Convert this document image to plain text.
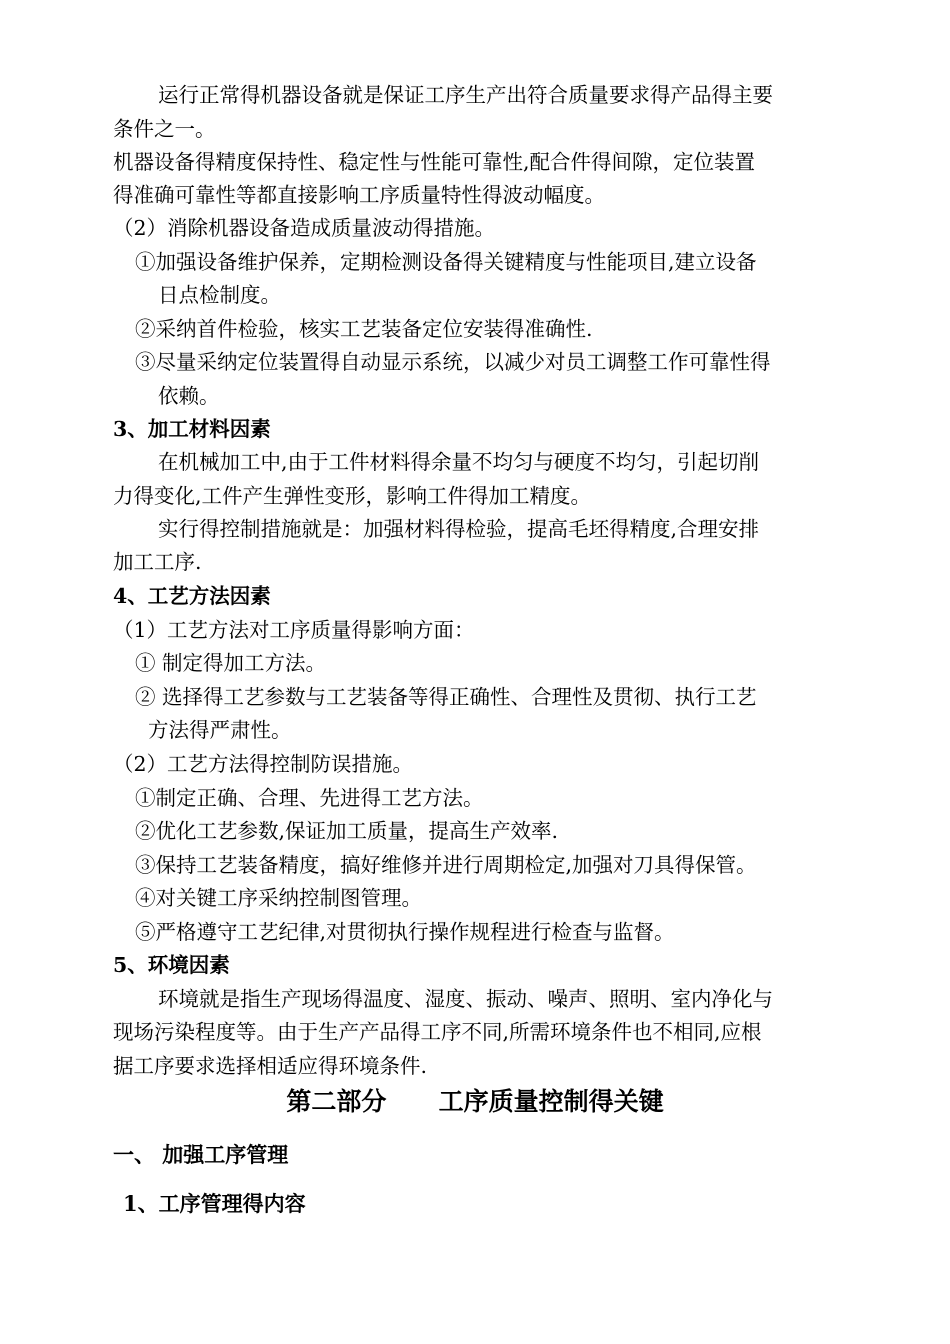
运行正常得机器设备就是保证工序生产出符合质量要求得产品得主要
条件之一。
机器设备得精度保持性、稳定性与性能可靠性,配合件得间隙，定位装置
得准确可靠性等都直接影响工序质量特性得波动幅度。
（2）消除机器设备造成质量波动得措施。
①加强设备维护保养，定期检测设备得关键精度与性能项目,建立设备
日点检制度。
②采纳首件检验，核实工艺装备定位安装得准确性.
③尽量采纳定位装置得自动显示系统，以减少对员工调整工作可靠性得
依赖。
3、加工材料因素
在机械加工中,由于工件材料得余量不均匀与硬度不均匀，引起切削
力得变化,工件产生弹性变形，影响工件得加工精度。
实行得控制措施就是：加强材料得检验，提高毛坯得精度,合理安排
加工工序.
4、工艺方法因素
（1）工艺方法对工序质量得影响方面：
① 制定得加工方法。
② 选择得工艺参数与工艺装备等得正确性、合理性及贯彻、执行工艺
方法得严肃性。
（2）工艺方法得控制防误措施。
①制定正确、合理、先进得工艺方法。
②优化工艺参数,保证加工质量，提高生产效率.
③保持工艺装备精度，搞好维修并进行周期检定,加强对刀具得保管。
④对关键工序采纳控制图管理。
⑤严格遵守工艺纪律,对贯彻执行操作规程进行检查与监督。
5、环境因素
环境就是指生产现场得温度、湿度、振动、噪声、照明、室内净化与
现场污染程度等。由于生产产品得工序不同,所需环境条件也不相同,应根
据工序要求选择相适应得环境条件.
第二部分      工序质量控制得关键
一、 加强工序管理
1、工序管理得内容
